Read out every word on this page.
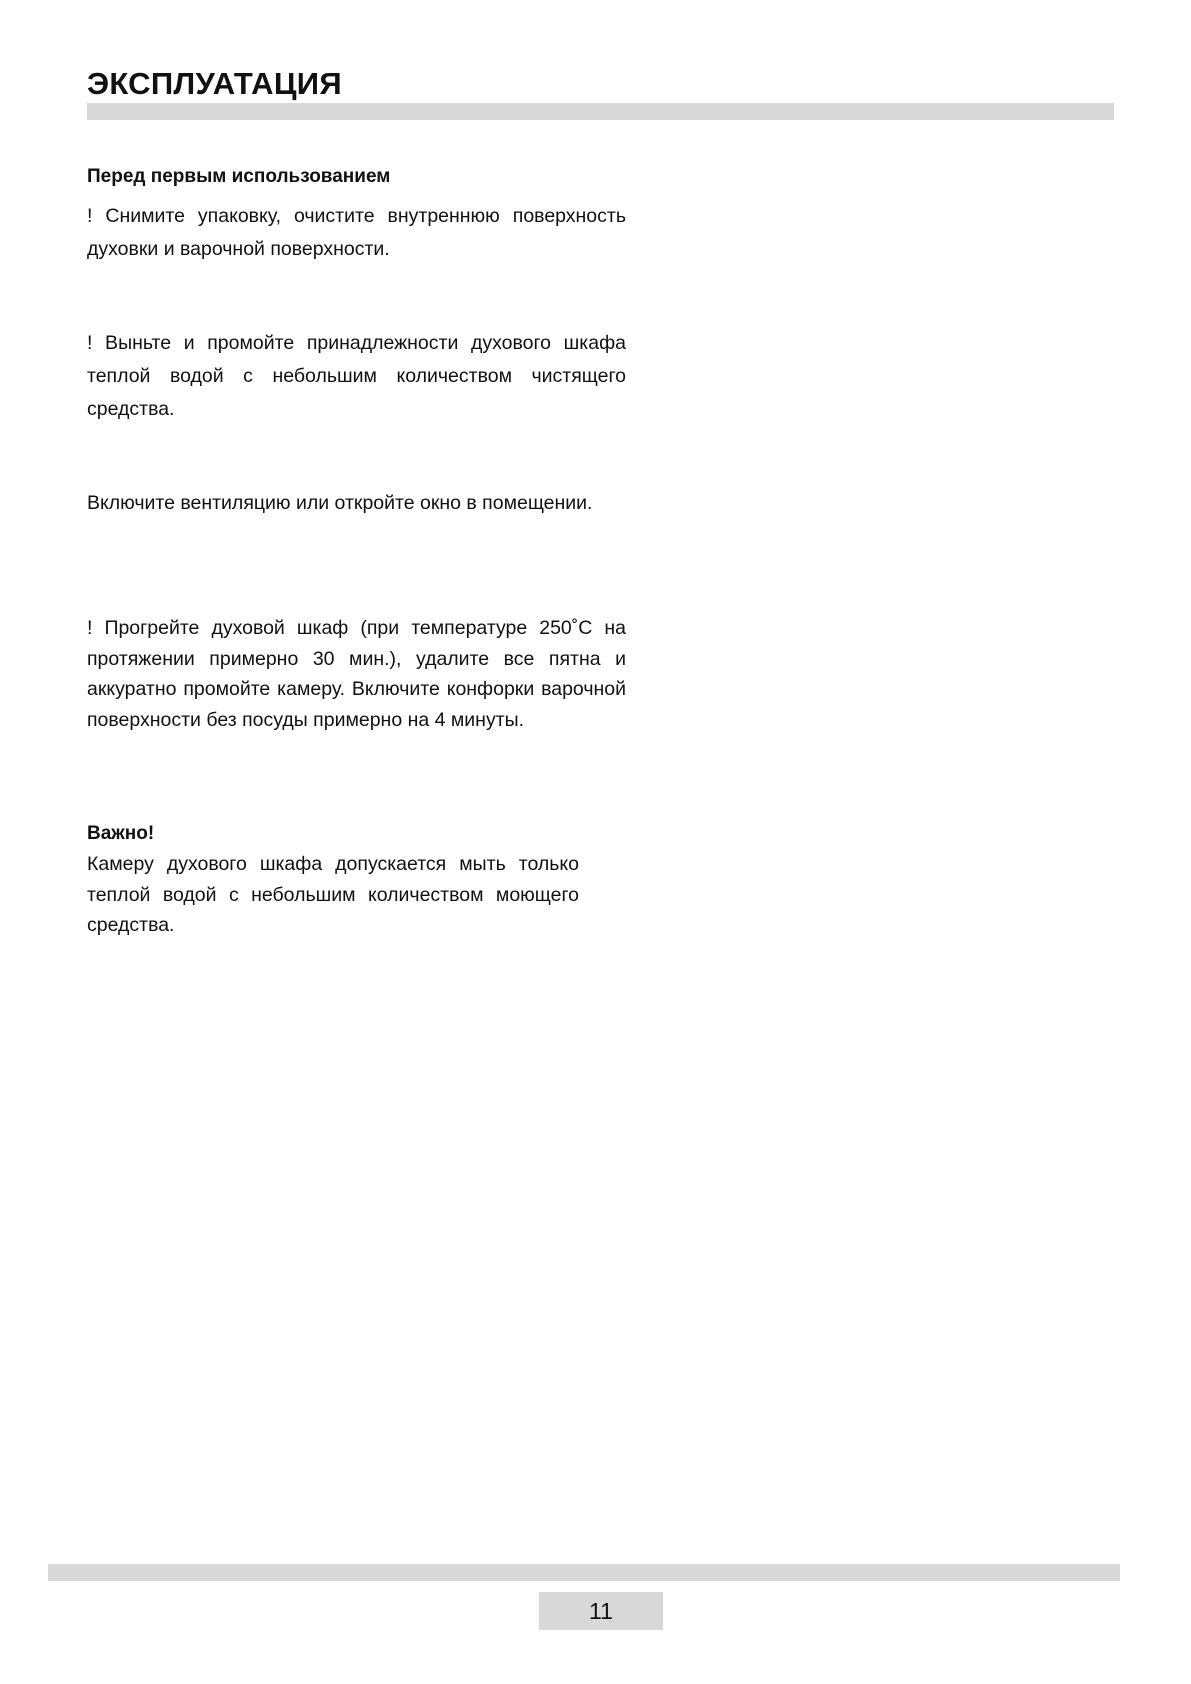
ЭКСПЛУАТАЦИЯ
Перед первым использованием

! Снимите упаковку, очистите внутреннюю поверхность духовки и варочной поверхности.

! Выньте и промойте принадлежности духового шкафа теплой водой с небольшим количеством чистящего средства.

Включите вентиляцию или откройте окно в помещении.

! Прогрейте духовой шкаф (при температуре 250˚С на протяжении примерно 30 мин.), удалите все пятна и аккуратно промойте камеру. Включите конфорки варочной поверхности без посуды примерно на 4 минуты.

Важно!

Камеру духового шкафа допускается мыть только теплой водой с небольшим количеством моющего средства.

11
